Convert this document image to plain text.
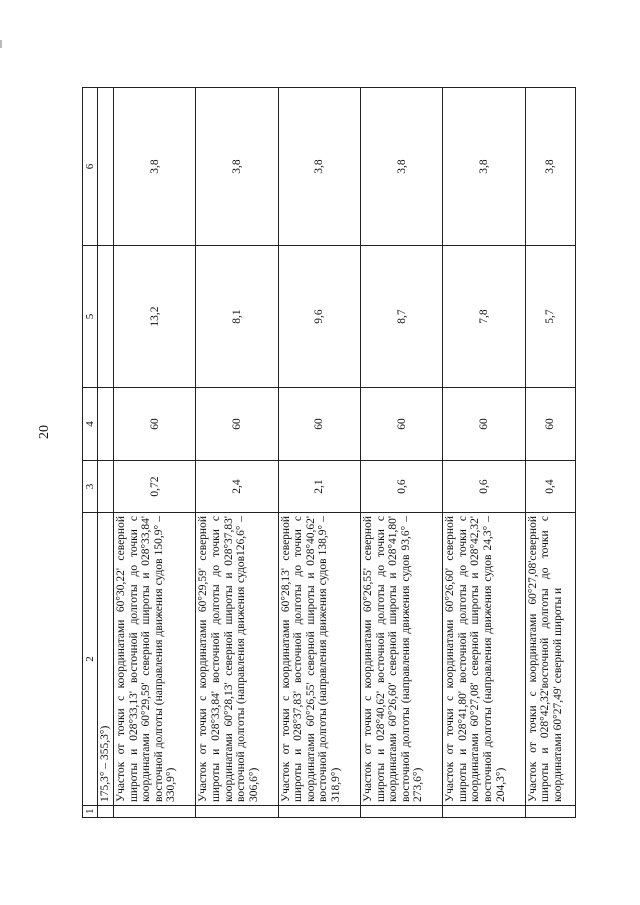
20
1	2	3	4	5	6
	175,3° – 355,3°)				
	Участок от точки с координатами 60°30,22' северной широты и 028°33,13' восточной долготы до точки с координатами 60°29,59' северной широты и 028°33,84' восточной долготы (направления движения судов 150,9° – 330,9°)	0,72	60	13,2	3,8
	Участок от точки с координатами 60°29,59' северной широты и 028°33,84' восточной долготы до точки с координатами 60°28,13' северной широты и 028°37,83' восточной долготы (направления движения судов126,6° – 306,6°)	2,4	60	8,1	3,8
	Участок от точки с координатами 60°28,13' северной широты и 028°37,83' восточной долготы до точки с координатами 60°26,55' северной широты и 028°40,62' восточной долготы (направления движения судов 138,9° – 318,9°)	2,1	60	9,6	3,8
	Участок от точки с координатами 60°26,55' северной широты и 028°40,62' восточной долготы до точки с координатами 60°26,60' северной широты и 028°41,80' восточной долготы (направления движения судов 93,6° – 273,6°)	0,6	60	8,7	3,8
	Участок от точки с координатами 60°26,60' северной широты и 028°41,80' восточной долготы до точки с координатами 60°27,08' северной широты и 028°42,32' восточной долготы (направления движения судов 24,3° – 204,3°)	0,6	60	7,8	3,8
	Участок от точки с координатами 60°27,08'северной широты и 028°42,32'восточной долготы до точки с координатами 60°27,49' северной широты и	0,4	60	5,7	3,8
